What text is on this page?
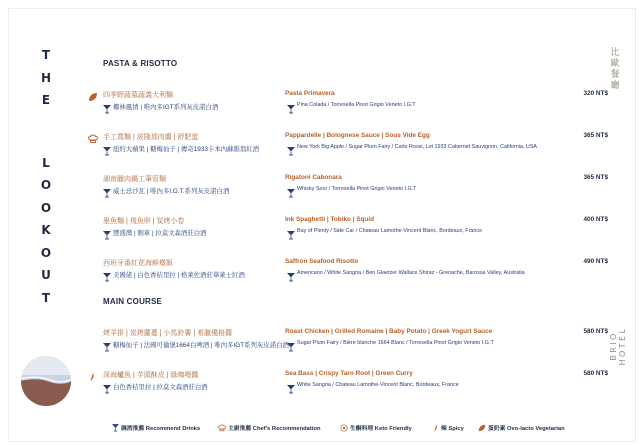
T
H
E
L
O
O
K
O
U
T
比
歐
餐
廳
BRIO HOTEL
PASTA & RISOTTO
四季野蔬慕蔬義大利麵
椰林風情 | 唯內多IGT系列灰皮諾白酒
Pasta Primavera
Pina Colada / Torresella Pinot Grigio Veneto I.G.T
320 NT$
手工寬麵 | 波隆那肉醬 | 舒肥蛋
紐約大蘋果 | 糖梅仙子 | 傳奇1933卡本內蘇維翁紅酒
Pappardelle | Bolognese Sauce | Sous Vide Egg
New York Big Apple / Sugar Plum Fairy / Carlo Rossi, Lot 1933 Cabernet Sauvignon, California, USA
365 NT$
湖南臘肉鍋工筆管麵
威士忌沙瓦 | 唯內多I.G.T.系列灰皮諾白酒
Rigatoni Cabonara
Whisky Sour / Torresella Pinot Grigio Veneto I.G.T
365 NT$
墨魚麵 | 飛魚卵 | 炭烤小卷
豐盛灣 | 側車 | 拉莫文森酒莊白酒
Ink Spaghetti | Tobiko | Squid
Bay of Plenty / Side Car / Chateau Lamothe-Vincent Blanc, Bordeaux, France
400 NT$
西班牙番紅花海鮮燉飯
美國佬 | 白色香桔里拉 | 格萊佐酒莊華萊士紅酒
Saffron Seafood Risotto
Americano / White Sangria / Ben Glaetzer Wallace Shiraz - Grenache, Barossa Valley, Australia
490 NT$
MAIN COURSE
烤羊排 | 炭烤蘿蔓 | 小馬鈴薯 | 希臘優格醬
糖梅仙子 | 法國可倫堡1664白啤酒 | 唯內多IGT系列灰皮諾白酒
Roast Chicken | Grilled Romaine | Baby Potato | Greek Yogurt Sauce
Sugar Plum Fairy / Bière blanche 1664 Blanc / Torresella Pinot Grigio Veneto I.G.T
580 NT$
深海鱸魚 | 芋頭酥皮 | 綠咖哩醬
白色香桔里拉 | 拉莫文森酒莊白酒
Sea Bass | Crispy Taro Root | Green Curry
White Sangria / Chateau Lamothe-Vincent Blanc, Bordeaux, France
580 NT$
調酒推薦 Recommend Drinks	主廚推薦 Chef's Recommendation	生酮料理 Keto Friendly	辣 Spicy	蛋奶素 Ovo-lacto Vegetarian
